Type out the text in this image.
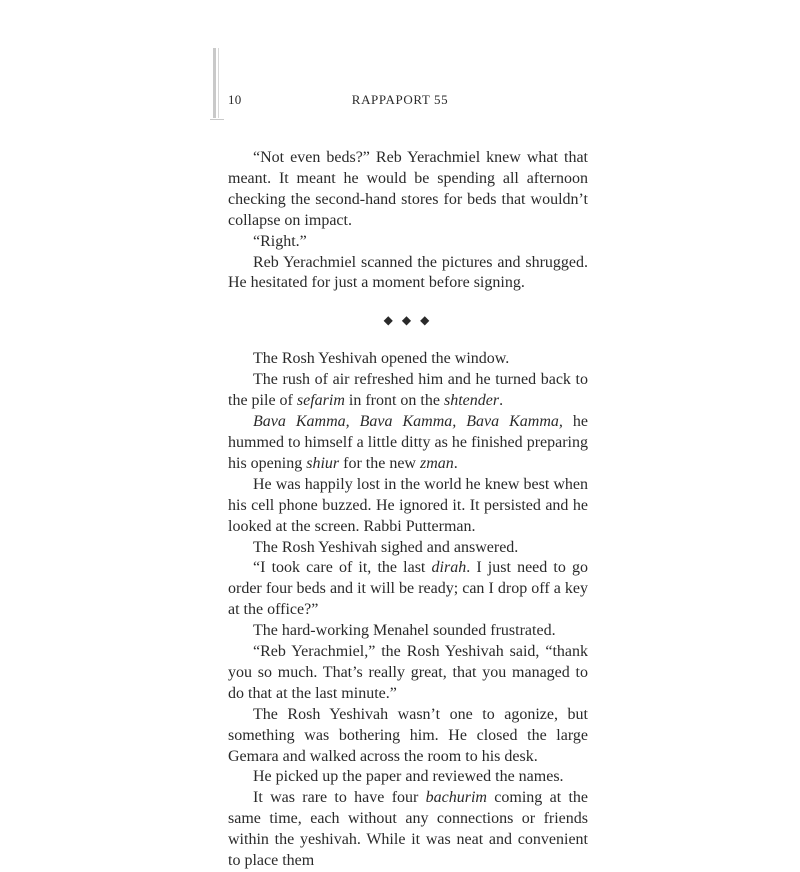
10	RAPPAPORT 55

“Not even beds?” Reb Yerachmiel knew what that meant. It meant he would be spending all afternoon checking the second-hand stores for beds that wouldn’t collapse on impact.

“Right.”

Reb Yerachmiel scanned the pictures and shrugged. He hesitated for just a moment before signing.

◆ ◆ ◆

The Rosh Yeshivah opened the window.

The rush of air refreshed him and he turned back to the pile of sefarim in front on the shtender.

Bava Kamma, Bava Kamma, Bava Kamma, he hummed to himself a little ditty as he finished preparing his opening shiur for the new zman.

He was happily lost in the world he knew best when his cell phone buzzed. He ignored it. It persisted and he looked at the screen. Rabbi Putterman.

The Rosh Yeshivah sighed and answered.

“I took care of it, the last dirah. I just need to go order four beds and it will be ready; can I drop off a key at the office?”

The hard-working Menahel sounded frustrated.

“Reb Yerachmiel,” the Rosh Yeshivah said, “thank you so much. That’s really great, that you managed to do that at the last minute.”

The Rosh Yeshivah wasn’t one to agonize, but something was bothering him. He closed the large Gemara and walked across the room to his desk.

He picked up the paper and reviewed the names.

It was rare to have four bachurim coming at the same time, each without any connections or friends within the yeshivah. While it was neat and convenient to place them
